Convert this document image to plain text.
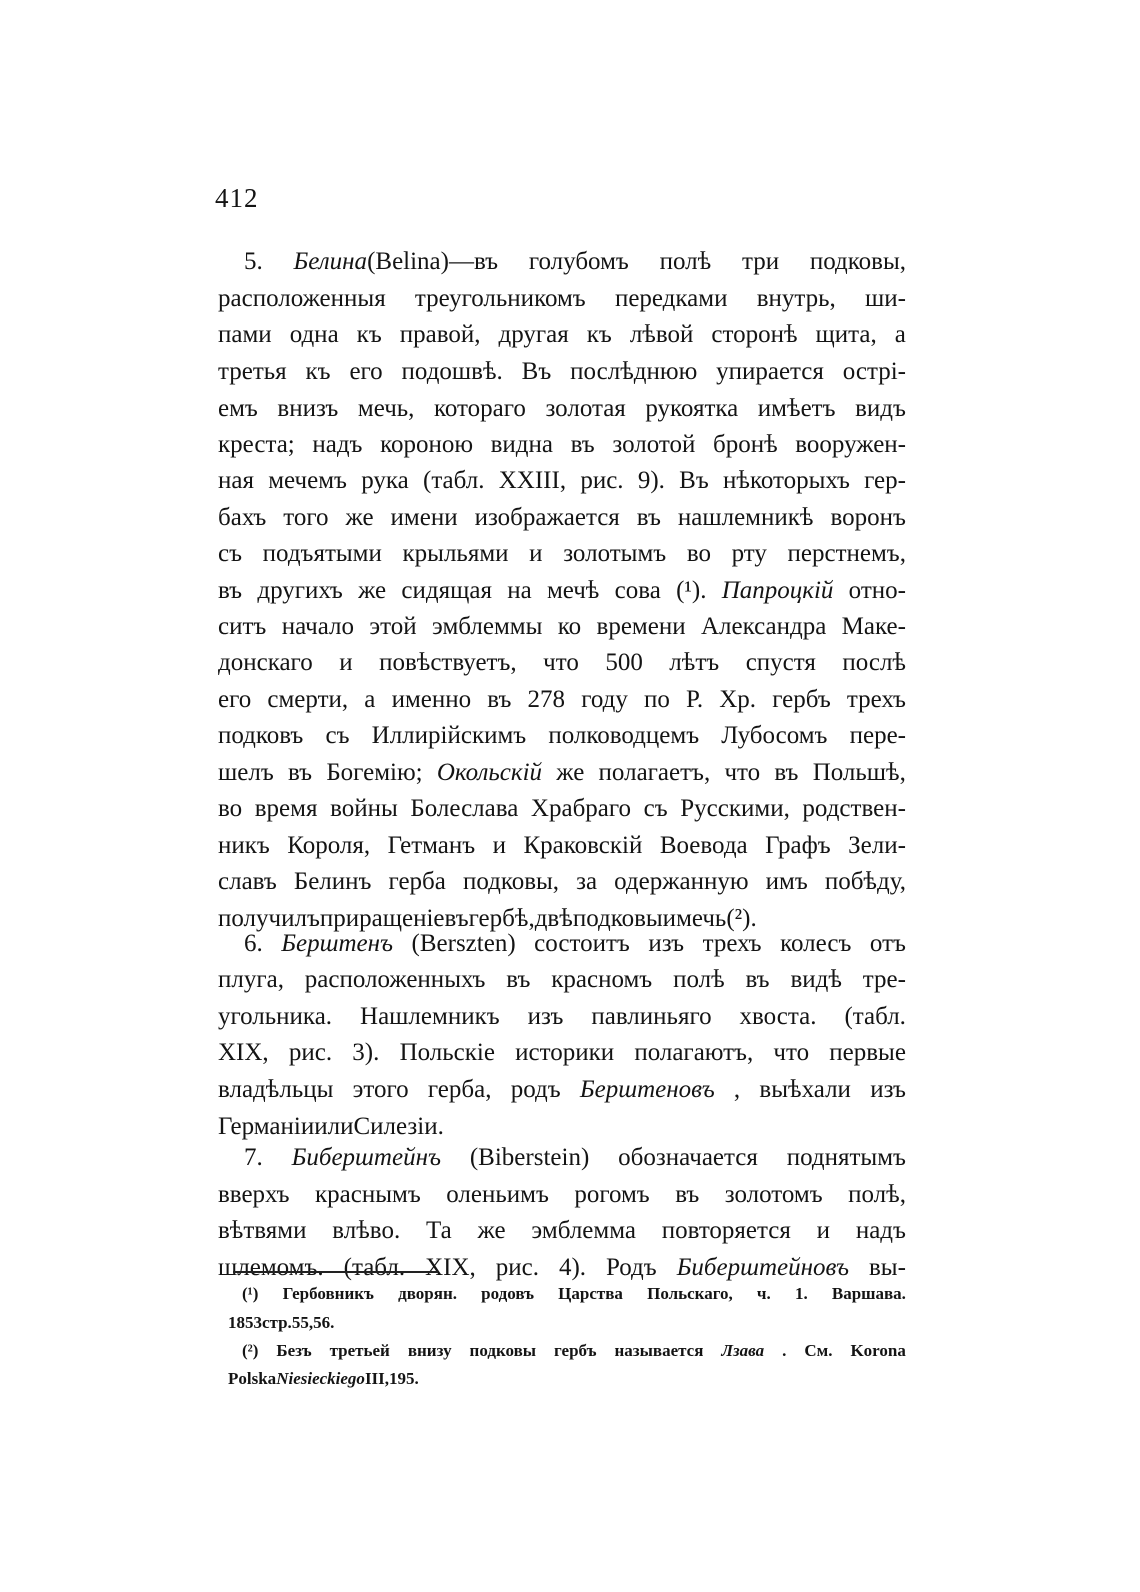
412
5. Белина(Belina)—въ голубомъ полѣ три подковы,
расположенныя треугольникомъ передками внутрь, ши-
пами одна къ правой, другая къ лѣвой сторонѣ щита, а
третья къ его подошвѣ. Въ послѣднюю упирается острі-
емъ внизъ мечь, котораго золотая рукоятка имѣетъ видъ
креста; надъ короною видна въ золотой бронѣ вооружен-
ная мечемъ рука (табл. XXIII, рис. 9). Въ нѣкоторыхъ гер-
бахъ того же имени изображается въ нашлемникѣ воронъ
съ подъятыми крыльями и золотымъ во рту перстнемъ,
въ другихъ же сидящая на мечѣ сова (¹). Папроцкій отно-
ситъ начало этой эмблеммы ко времени Александра Маке-
донскаго и повѣствуетъ, что 500 лѣтъ спустя послѣ
его смерти, а именно въ 278 году по Р. Хр. гербъ трехъ
подковъ съ Иллирійскимъ полководцемъ Лубосомъ пере-
шелъ въ Богемію; Окольскій же полагаетъ, что въ Польшѣ,
во время войны Болеслава Храбраго съ Русскими, родствен-
никъ Короля, Гетманъ и Краковскій Воевода Графъ Зели-
славъ Белинъ герба подковы, за одержанную имъ побѣду,
получилъ приращеніе въ гербѣ, двѣ подковы и мечь (²).
6. Берштенъ (Berszten) состоитъ изъ трехъ колесъ отъ
плуга, расположенныхъ въ красномъ полѣ въ видѣ тре-
угольника. Нашлемникъ изъ павлиньяго хвоста. (табл.
XIX, рис. 3). Польскіе историки полагаютъ, что первые
владѣльцы этого герба, родъ Берштеновъ , выѣхали изъ
Германіи или Силезіи.
7. Биберштейнъ (Biberstein) обозначается поднятымъ
вверхъ краснымъ оленьимъ рогомъ въ золотомъ полѣ,
вѣтвями влѣво. Та же эмблемма повторяется и надъ
шлемомъ. (табл. XIX, рис. 4). Родъ Биберштейновъ вы-
(¹) Гербовникъ дворян. родовъ Царства Польскаго, ч. 1. Варшава.
1853 стр. 55, 56.
(²) Безъ третьей внизу подковы гербъ называется Лзава . См. Korona
Polska Niesieckiego III, 195.
